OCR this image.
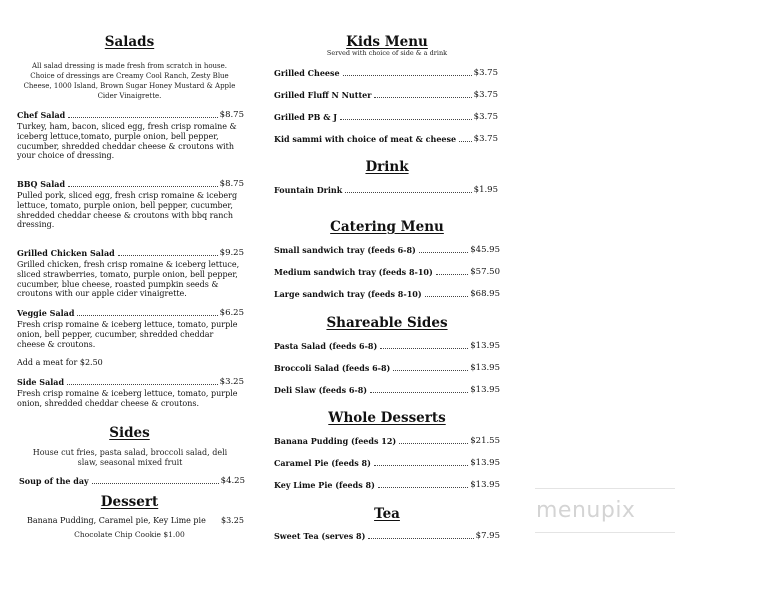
Salads
All salad dressing is made fresh from scratch in house. Choice of dressings are Creamy Cool Ranch, Zesty Blue Cheese, 1000 Island, Brown Sugar Honey Mustard & Apple Cider Vinaigrette.
Chef Salad	$8.75
Turkey, ham, bacon, sliced egg, fresh crisp romaine & iceberg lettuce,tomato, purple onion, bell pepper, cucumber, shredded cheddar cheese & croutons with your choice of dressing.
BBQ Salad	$8.75
Pulled pork, sliced egg, fresh crisp romaine & iceberg lettuce, tomato, purple onion, bell pepper, cucumber, shredded cheddar cheese & croutons with bbq ranch dressing.
Grilled Chicken Salad	$9.25
Grilled chicken, fresh crisp romaine & iceberg lettuce, sliced strawberries, tomato, purple onion, bell pepper, cucumber, blue cheese, roasted pumpkin seeds & croutons with our apple cider vinaigrette.
Veggie Salad	$6.25
Fresh crisp romaine & iceberg lettuce, tomato, purple onion, bell pepper, cucumber, shredded cheddar cheese & croutons.
Add a meat for $2.50
Side Salad	$3.25
Fresh crisp romaine & iceberg lettuce, tomato, purple onion, shredded cheddar cheese & croutons.
Sides
House cut fries, pasta salad, broccoli salad, deli slaw, seasonal mixed fruit
Soup of the day	$4.25
Dessert
Banana Pudding, Caramel pie, Key Lime pie $3.25
Chocolate Chip Cookie $1.00
Kids Menu
Served with choice of side & a drink
Grilled Cheese	$3.75
Grilled Fluff N Nutter	$3.75
Grilled PB & J	$3.75
Kid sammi with choice of meat & cheese $3.75
Drink
Fountain Drink	$1.95
Catering Menu
Small sandwich tray (feeds 6-8)	$45.95
Medium sandwich tray (feeds 8-10)	$57.50
Large sandwich tray (feeds 8-10)	$68.95
Shareable Sides
Pasta Salad (feeds 6-8)	$13.95
Broccoli Salad (feeds 6-8)	$13.95
Deli Slaw (feeds 6-8)	$13.95
Whole Desserts
Banana Pudding (feeds 12)	$21.55
Caramel Pie (feeds 8)	$13.95
Key Lime Pie (feeds 8)	$13.95
Tea
Sweet Tea (serves 8)	$7.95
menupix
